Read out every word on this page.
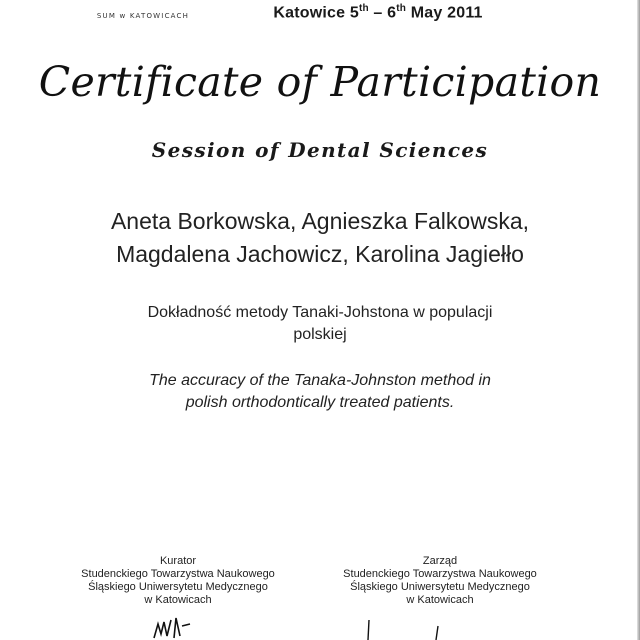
SUM w KATOWICACH	Katowice 5th – 6th May 2011
Certificate of Participation
Session of Dental Sciences
Aneta Borkowska, Agnieszka Falkowska,
Magdalena Jachowicz, Karolina Jagiełło
Dokładność metody Tanaki-Johstona w populacji
polskiej
The accuracy of the Tanaka-Johnston method in
polish orthodontically treated patients.
Kurator
Studenckiego Towarzystwa Naukowego
Śląskiego Uniwersytetu Medycznego
w Katowicach
Zarząd
Studenckiego Towarzystwa Naukowego
Śląskiego Uniwersytetu Medycznego
w Katowicach
